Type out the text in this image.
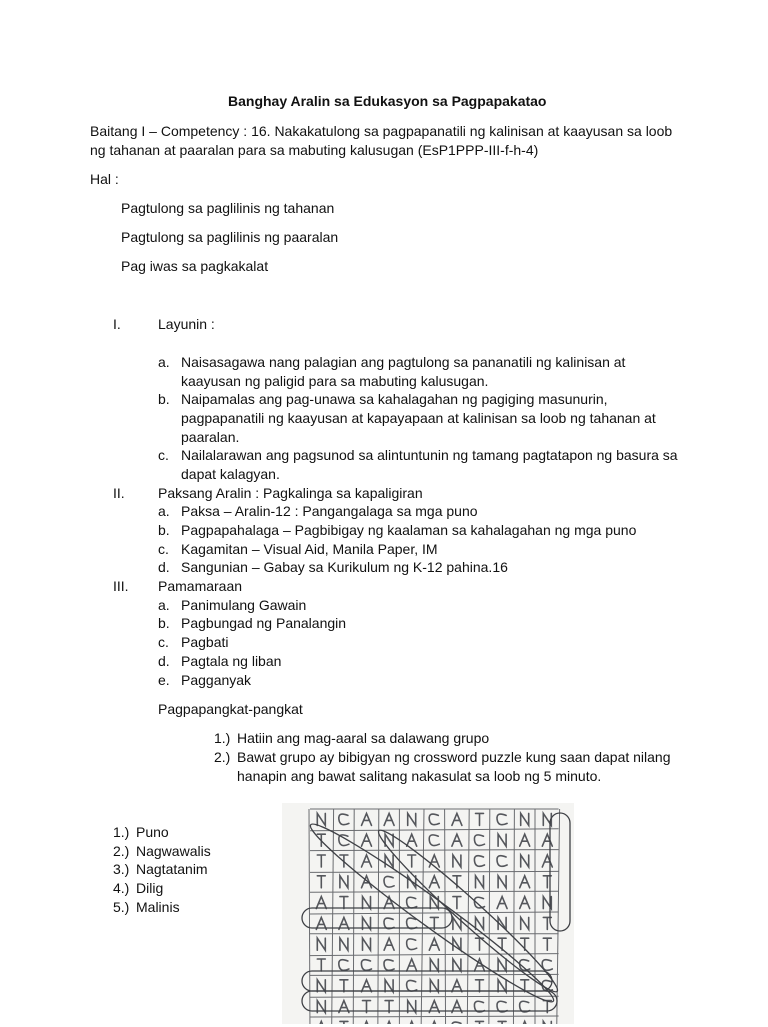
Banghay Aralin sa Edukasyon sa Pagpapakatao
Baitang I – Competency : 16. Nakakatulong sa pagpapanatili ng kalinisan at kaayusan sa loob
ng tahanan at paaralan para sa mabuting kalusugan (EsP1PPP-III-f-h-4)
Hal :
Pagtulong sa paglilinis ng tahanan
Pagtulong sa paglilinis ng paaralan
Pag iwas sa pagkakalat
I.	Layunin :
a. Naisasagawa nang palagian ang pagtulong sa pananatili ng kalinisan at
kaayusan ng paligid para sa mabuting kalusugan.
b. Naipamalas ang pag-unawa sa kahalagahan ng pagiging masunurin,
pagpapanatili ng kaayusan at kapayapaan at kalinisan sa loob ng tahanan at
paaralan.
c. Nailalarawan ang pagsunod sa alintuntunin ng tamang pagtatapon ng basura sa
dapat kalagyan.
II. Paksang Aralin : Pagkalinga sa kapaligiran
a. Paksa – Aralin-12 : Pangangalaga sa mga puno
b. Pagpapahalaga – Pagbibigay ng kaalaman sa kahalagahan ng mga puno
c. Kagamitan – Visual Aid, Manila Paper, IM
d. Sangunian – Gabay sa Kurikulum ng K-12 pahina.16
III. Pamamaraan
a. Panimulang Gawain
b. Pagbungad ng Panalangin
c. Pagbati
d. Pagtala ng liban
e. Pagganyak
Pagpapangkat-pangkat
1.) Hatiin ang mag-aaral sa dalawang grupo
2.) Bawat grupo ay bibigyan ng crossword puzzle kung saan dapat nilang
hanapin ang bawat salitang nakasulat sa loob ng 5 minuto.
1.) Puno
2.) Nagwawalis
3.) Nagtatanim
4.) Dilig
5.) Malinis
